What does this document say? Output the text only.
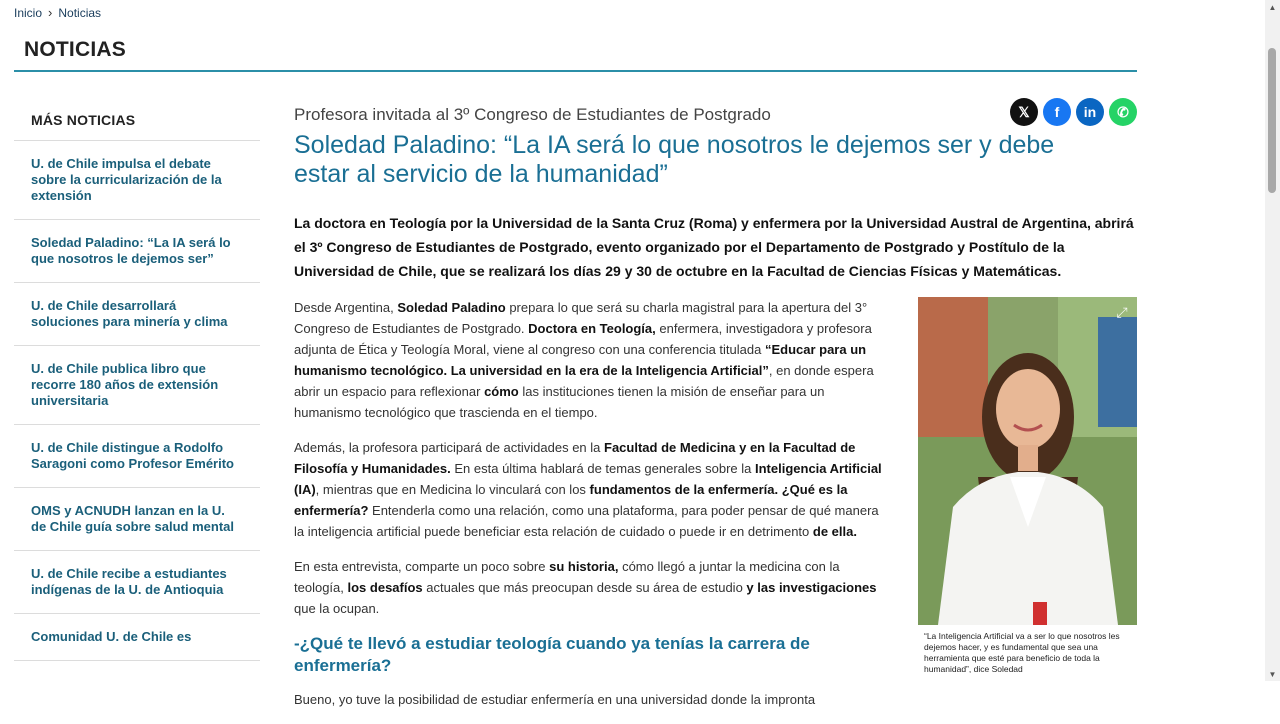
Inicio › Noticias
NOTICIAS
MÁS NOTICIAS
U. de Chile impulsa el debate sobre la curricularización de la extensión
Soledad Paladino: “La IA será lo que nosotros le dejemos ser”
U. de Chile desarrollará soluciones para minería y clima
U. de Chile publica libro que recorre 180 años de extensión universitaria
U. de Chile distingue a Rodolfo Saragoni como Profesor Emérito
OMS y ACNUDH lanzan en la U. de Chile guía sobre salud mental
U. de Chile recibe a estudiantes indígenas de la U. de Antioquia
Comunidad U. de Chile es
Profesora invitada al 3º Congreso de Estudiantes de Postgrado
Soledad Paladino: “La IA será lo que nosotros le dejemos ser y debe estar al servicio de la humanidad”
𝕏 f in ✆

La doctora en Teología por la Universidad de la Santa Cruz (Roma) y enfermera por la Universidad Austral de Argentina, abrirá el 3º Congreso de Estudiantes de Postgrado, evento organizado por el Departamento de Postgrado y Postítulo de la Universidad de Chile, que se realizará los días 29 y 30 de octubre en la Facultad de Ciencias Físicas y Matemáticas.

Desde Argentina, Soledad Paladino prepara lo que será su charla magistral para la apertura del 3° Congreso de Estudiantes de Postgrado. Doctora en Teología, enfermera, investigadora y profesora adjunta de Ética y Teología Moral, viene al congreso con una conferencia titulada “Educar para un humanismo tecnológico. La universidad en la era de la Inteligencia Artificial”, en donde espera abrir un espacio para reflexionar cómo las instituciones tienen la misión de enseñar para un humanismo tecnológico que trascienda en el tiempo.

Además, la profesora participará de actividades en la Facultad de Medicina y en la Facultad de Filosofía y Humanidades. En esta última hablará de temas generales sobre la Inteligencia Artificial (IA), mientras que en Medicina lo vinculará con los fundamentos de la enfermería. ¿Qué es la enfermería? Entenderla como una relación, como una plataforma, para poder pensar de qué manera la inteligencia artificial puede beneficiar esta relación de cuidado o puede ir en detrimento de ella.

En esta entrevista, comparte un poco sobre su historia, cómo llegó a juntar la medicina con la teología, los desafíos actuales que más preocupan desde su área de estudio y las investigaciones que la ocupan.

-¿Qué te llevó a estudiar teología cuando ya tenías la carrera de enfermería?

Bueno, yo tuve la posibilidad de estudiar enfermería en una universidad donde la impronta

⤢
“La Inteligencia Artificial va a ser lo que nosotros les dejemos hacer, y es fundamental que sea una herramienta que esté para beneficio de toda la humanidad”, dice Soledad
▲
▼
